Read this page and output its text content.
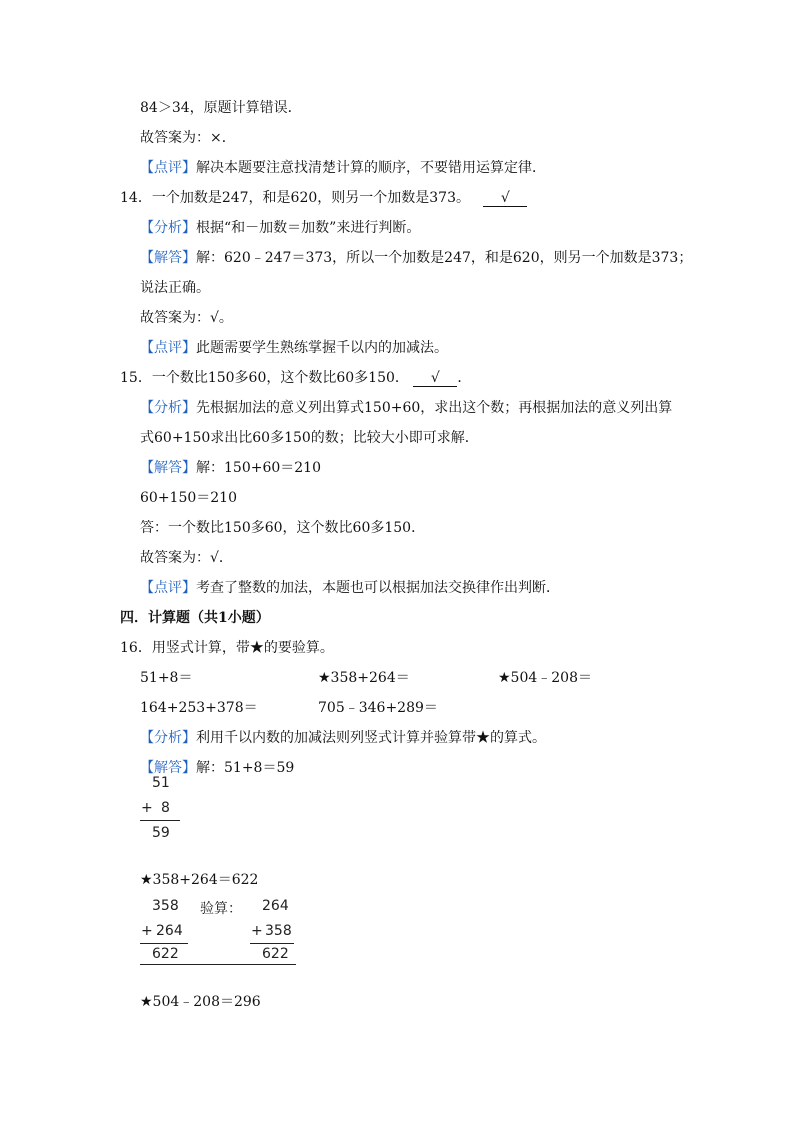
84＞34，原题计算错误．
故答案为：×．
【点评】解决本题要注意找清楚计算的顺序，不要错用运算定律．
14．一个加数是247，和是620，则另一个加数是373。 √
【分析】根据“和－加数＝加数”来进行判断。
【解答】解：620﹣247＝373，所以一个加数是247，和是620，则另一个加数是373；
说法正确。
故答案为：√。
【点评】此题需要学生熟练掌握千以内的加减法。
15．一个数比150多60，这个数比60多150． √ ．
【分析】先根据加法的意义列出算式150+60，求出这个数；再根据加法的意义列出算
式60+150求出比60多150的数；比较大小即可求解．
【解答】解：150+60＝210
60+150＝210
答：一个数比150多60，这个数比60多150．
故答案为：√．
【点评】考查了整数的加法，本题也可以根据加法交换律作出判断．
四．计算题（共1小题）
16．用竖式计算，带★的要验算。
51+8＝	★358+264＝	★504﹣208＝
164+253+378＝	705﹣346+289＝
【分析】利用千以内数的加减法则列竖式计算并验算带★的算式。
【解答】解：51+8＝59
51
+ 8
59
★358+264＝622
358 验算： 264
+ 264	+ 358
622	622
★504﹣208＝296
